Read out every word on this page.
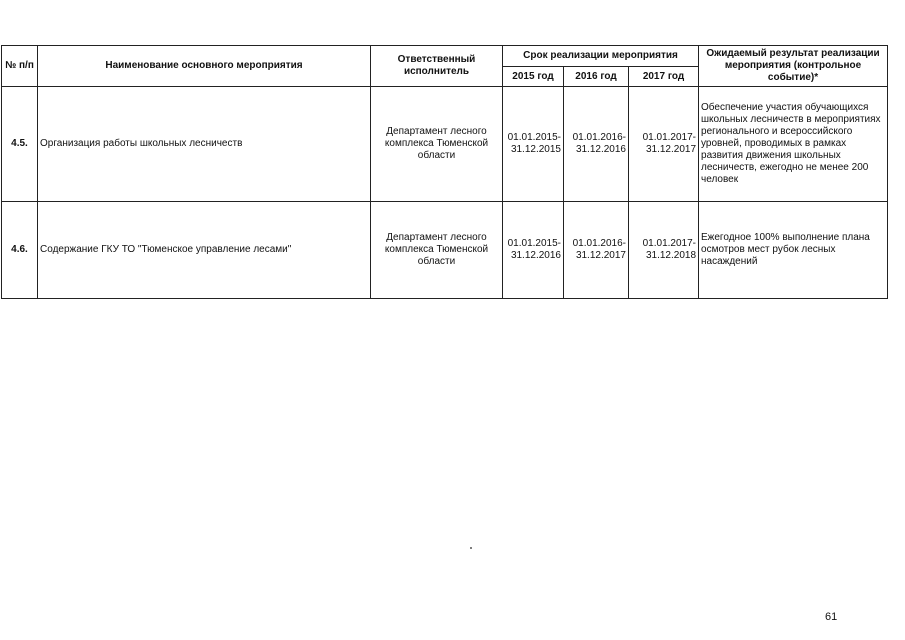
№ п/п	Наименование основного мероприятия	Ответственный исполнитель	Срок реализации мероприятия			Ожидаемый результат реализации мероприятия (контрольное событие)*
			2015 год	2016 год	2017 год	
4.5.	Организация работы школьных лесничеств	Департамент лесного комплекса Тюменской области	01.01.2015-31.12.2015	01.01.2016-31.12.2016	01.01.2017-31.12.2017	Обеспечение участия обучающихся школьных лесничеств в мероприятиях регионального и всероссийского уровней, проводимых в рамках развития движения школьных лесничеств, ежегодно не менее 200 человек
4.6.	Содержание ГКУ ТО "Тюменское управление лесами"	Департамент лесного комплекса Тюменской области	01.01.2015-31.12.2016	01.01.2016-31.12.2017	01.01.2017-31.12.2018	Ежегодное 100% выполнение плана осмотров мест рубок лесных насаждений
61
